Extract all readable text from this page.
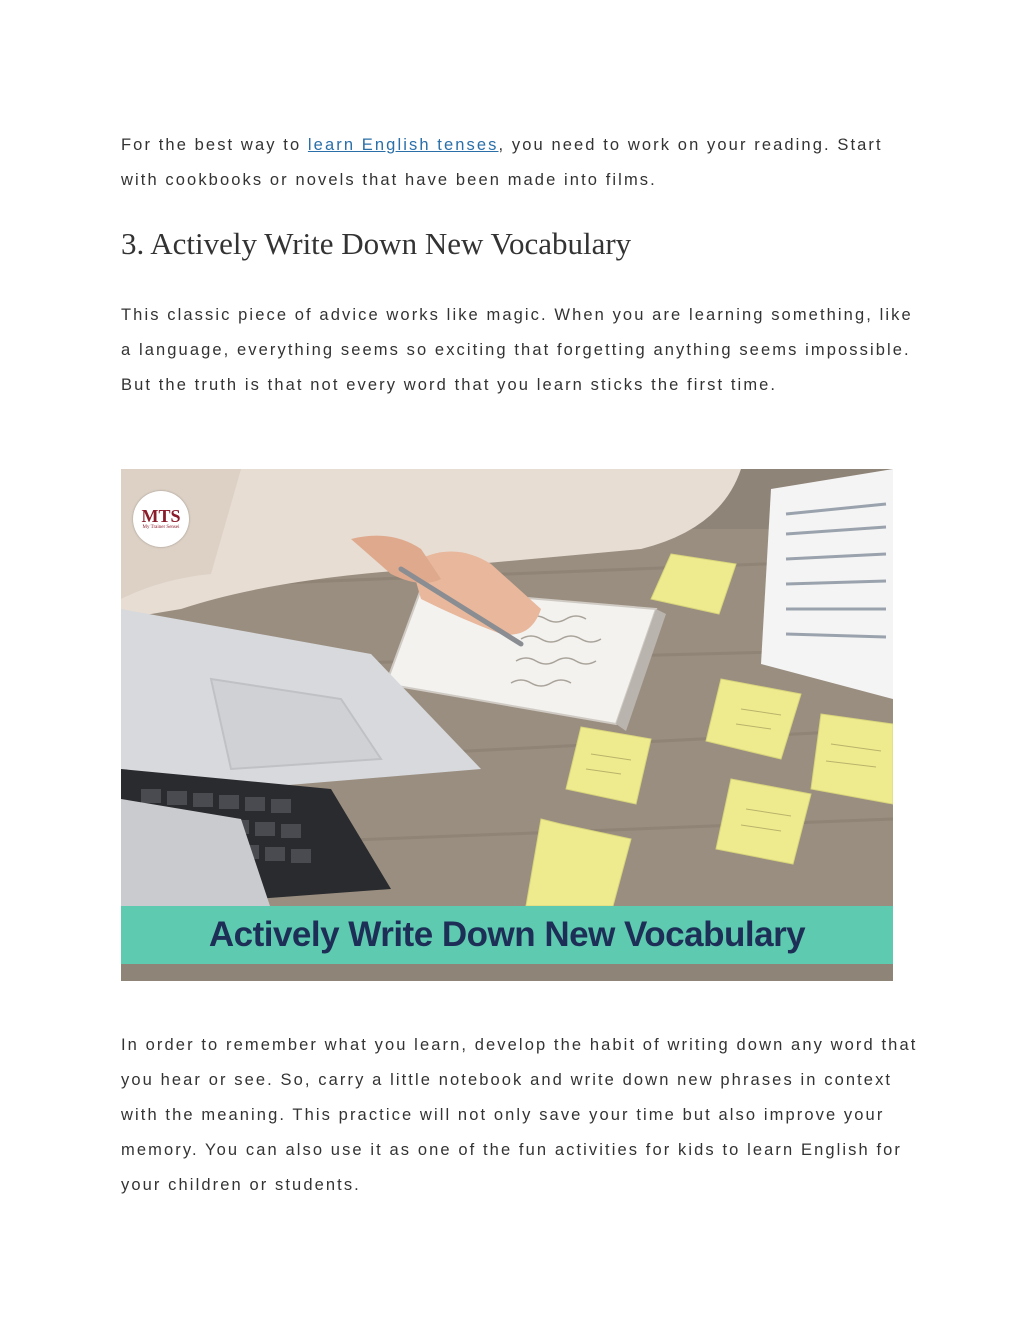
For the best way to learn English tenses, you need to work on your reading. Start with cookbooks or novels that have been made into films.

3. Actively Write Down New Vocabulary

This classic piece of advice works like magic. When you are learning something, like a language, everything seems so exciting that forgetting anything seems impossible. But the truth is that not every word that you learn sticks the first time.

MTS
My Trainer Sensei
Actively Write Down New Vocabulary

In order to remember what you learn, develop the habit of writing down any word that you hear or see. So, carry a little notebook and write down new phrases in context with the meaning. This practice will not only save your time but also improve your memory. You can also use it as one of the fun activities for kids to learn English for your children or students.
